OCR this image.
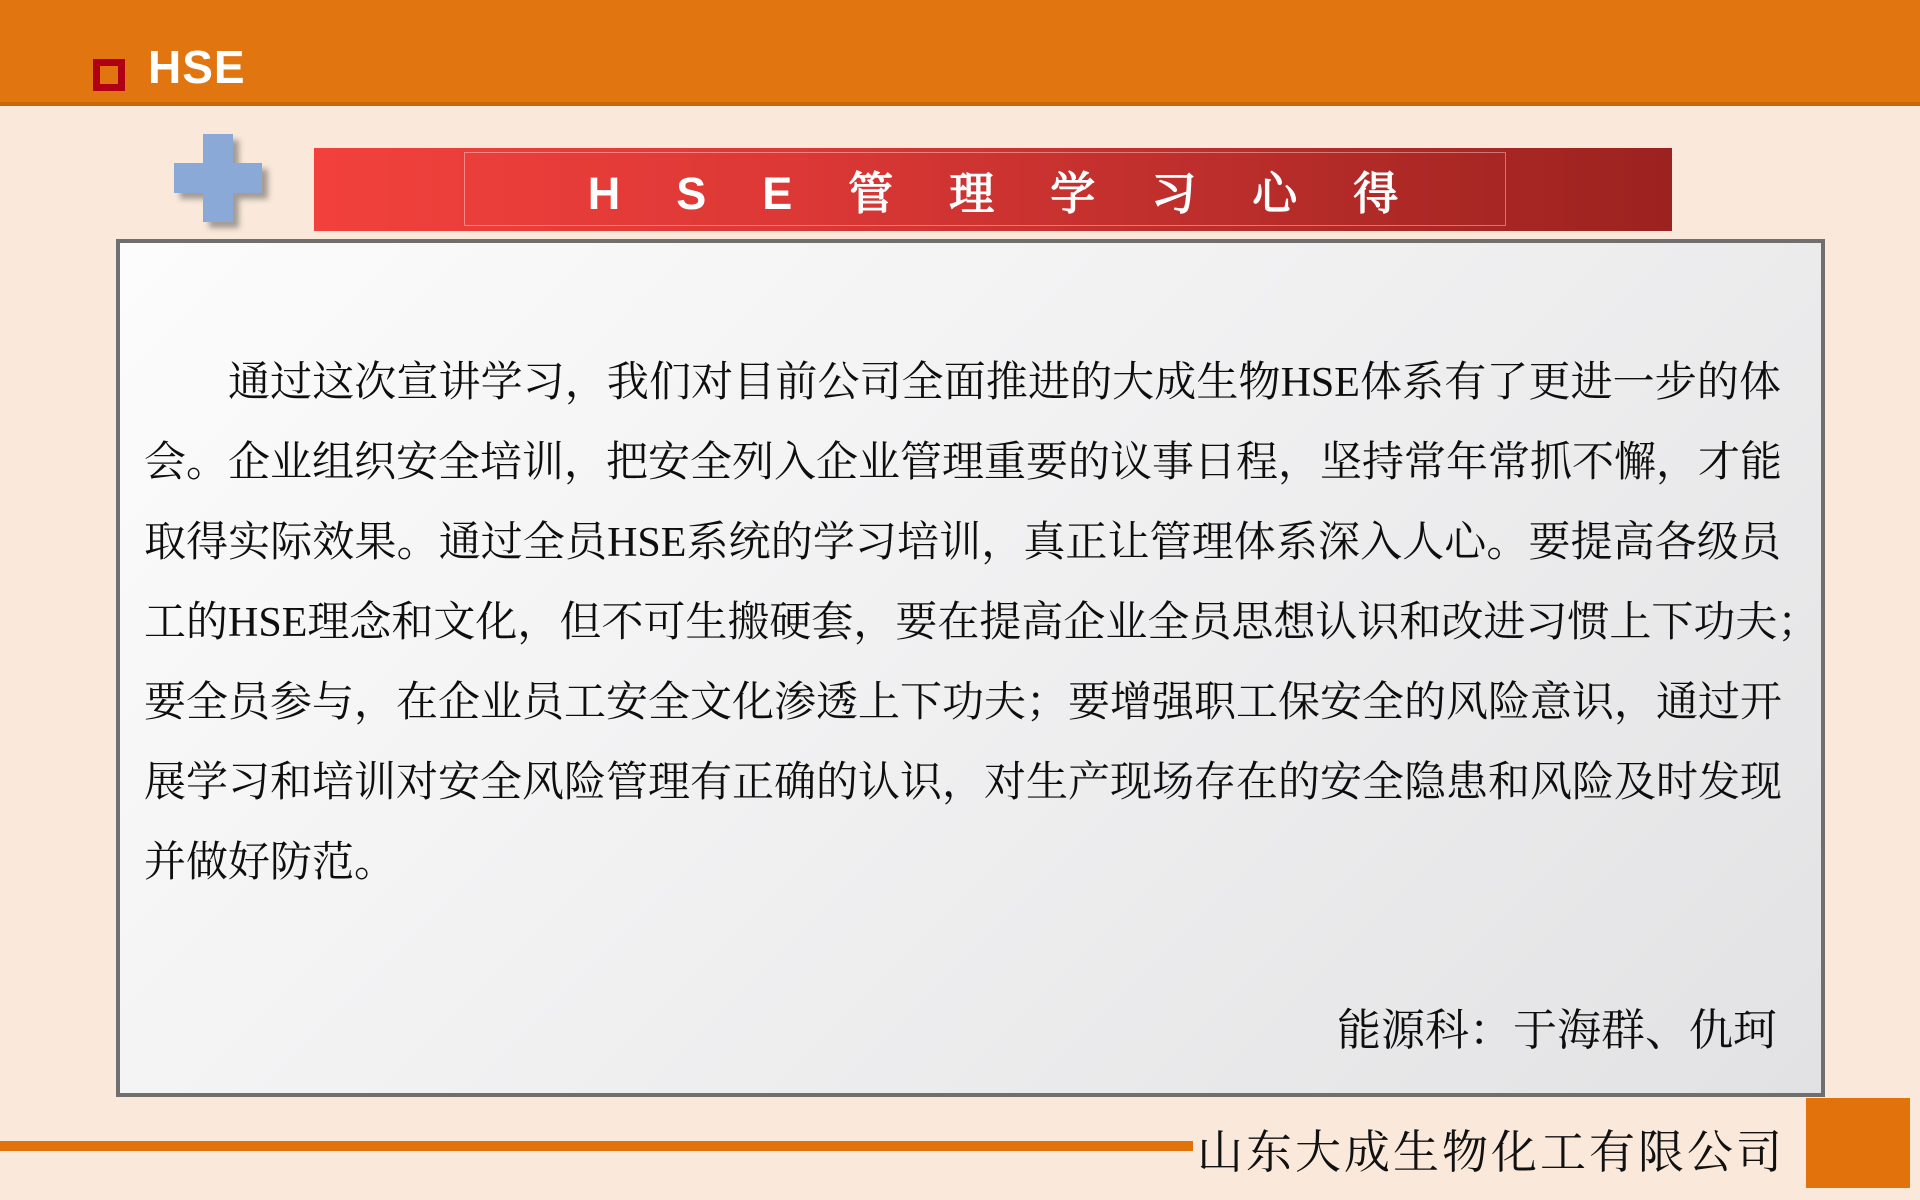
HSE
HSE管理学习心得
通过这次宣讲学习，我们对目前公司全面推进的大成生物HSE体系有了更进一步的体
会。企业组织安全培训，把安全列入企业管理重要的议事日程，坚持常年常抓不懈，才能
取得实际效果。通过全员HSE系统的学习培训，真正让管理体系深入人心。要提高各级员
工的HSE理念和文化，但不可生搬硬套，要在提高企业全员思想认识和改进习惯上下功夫；
要全员参与，在企业员工安全文化渗透上下功夫；要增强职工保安全的风险意识，通过开
展学习和培训对安全风险管理有正确的认识，对生产现场存在的安全隐患和风险及时发现
并做好防范。
能源科：于海群、仇珂
山东大成生物化工有限公司
